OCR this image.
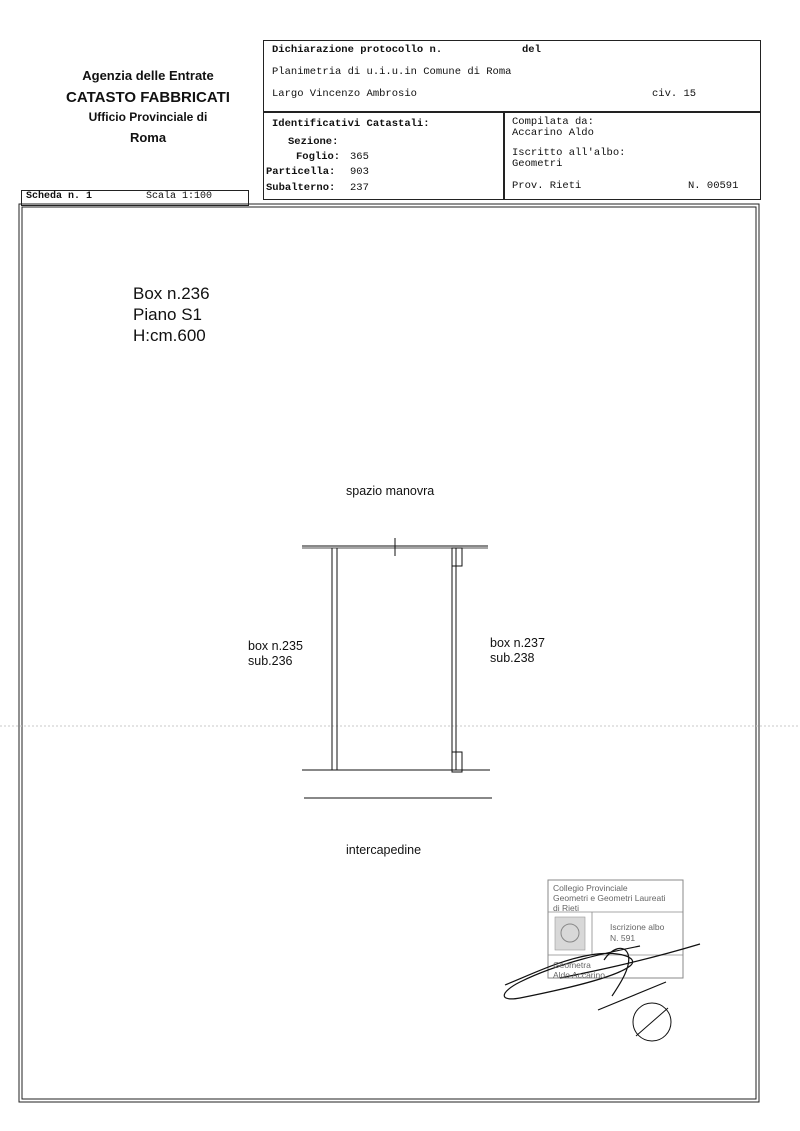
Agenzia delle Entrate
CATASTO FABBRICATI
Ufficio Provinciale di
Roma
Dichiarazione protocollo n.	del
Planimetria di u.i.u.in Comune di Roma
Largo Vincenzo Ambrosio	civ. 15
Identificativi Catastali:
Sezione:
Foglio: 365
Particella: 903
Subalterno: 237
Compilata da:
Accarino Aldo
Iscritto all'albo:
Geometri
Prov. Rieti	N. 00591
Scheda n. 1	Scala 1:100
Box n.236
Piano S1
H:cm.600
spazio manovra
box n.235
sub.236
box n.237
sub.238
intercapedine
Collegio Provinciale
Geometri e Geometri Laureati
di Rieti
Iscrizione albo
N. 591
Geometra
Aldo Accarino
